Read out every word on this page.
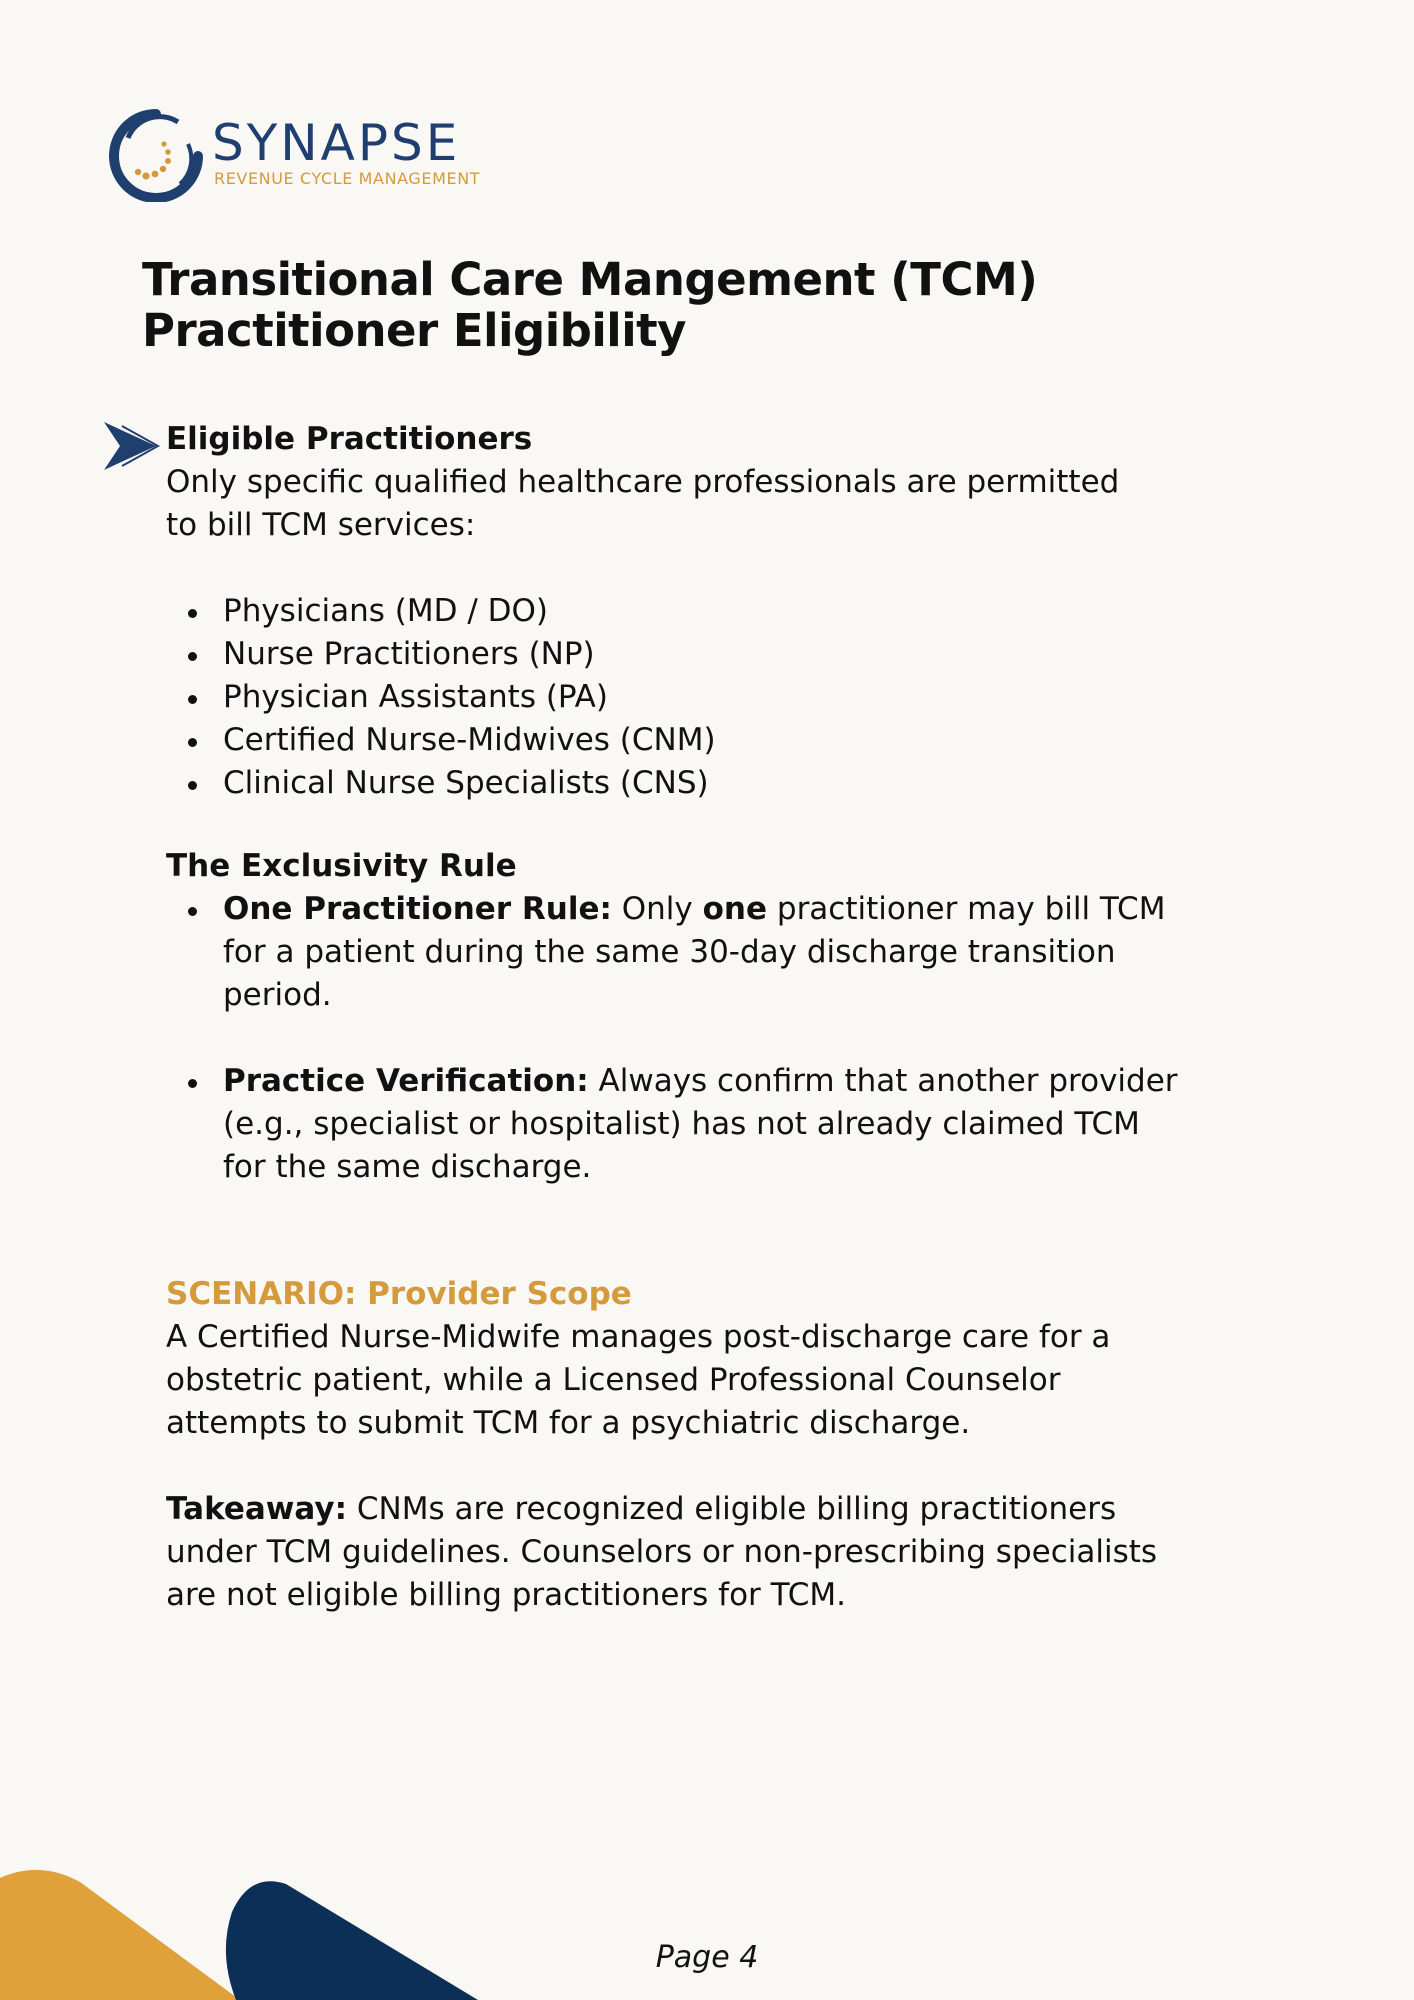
SYNAPSE
REVENUE CYCLE MANAGEMENT
Transitional Care Mangement (TCM)
Practitioner Eligibility
Eligible Practitioners
Only specific qualified healthcare professionals are permitted
to bill TCM services:
Physicians (MD / DO)
Nurse Practitioners (NP)
Physician Assistants (PA)
Certified Nurse-Midwives (CNM)
Clinical Nurse Specialists (CNS)
The Exclusivity Rule
One Practitioner Rule: Only one practitioner may bill TCM
for a patient during the same 30-day discharge transition
period.
Practice Verification: Always confirm that another provider
(e.g., specialist or hospitalist) has not already claimed TCM
for the same discharge.
SCENARIO: Provider Scope
A Certified Nurse-Midwife manages post-discharge care for a
obstetric patient, while a Licensed Professional Counselor
attempts to submit TCM for a psychiatric discharge.
Takeaway: CNMs are recognized eligible billing practitioners
under TCM guidelines. Counselors or non-prescribing specialists
are not eligible billing practitioners for TCM.
Page 4
